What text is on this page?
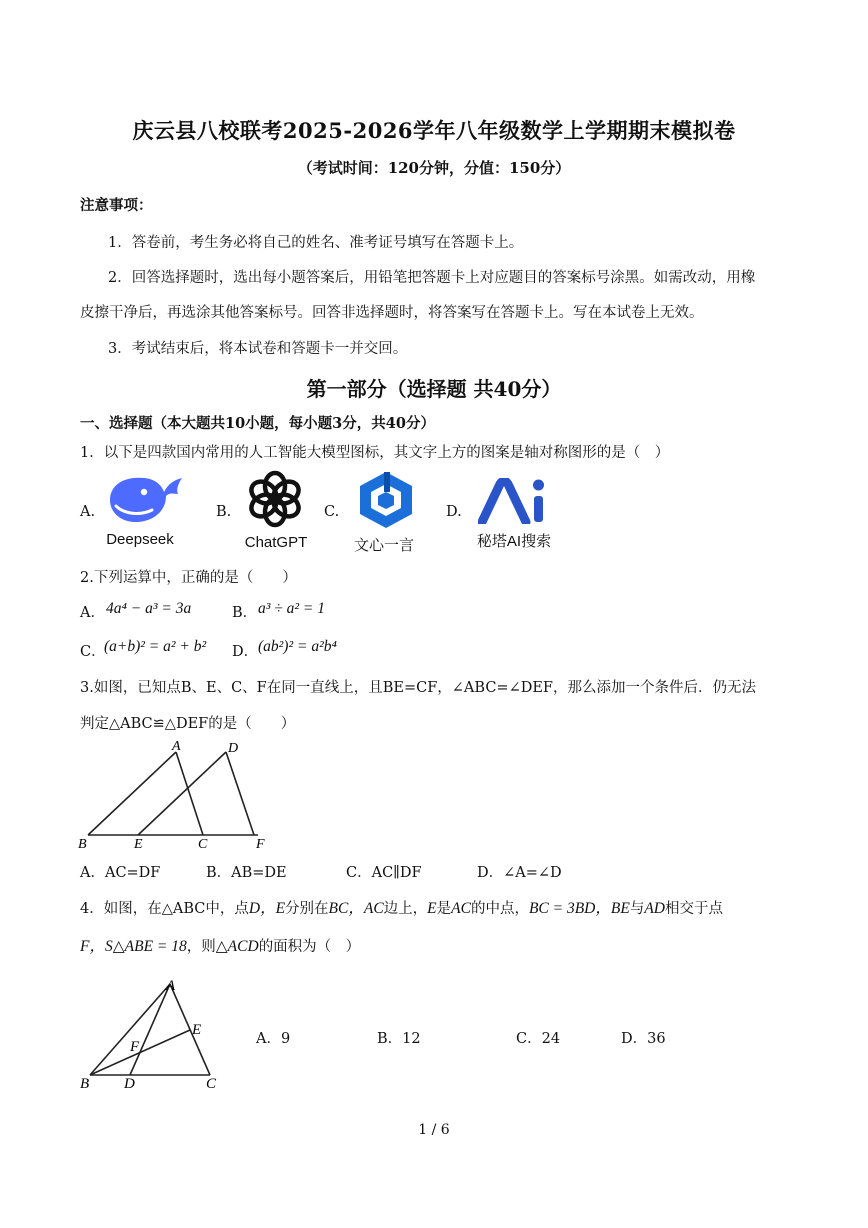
庆云县八校联考2025-2026学年八年级数学上学期期末模拟卷
（考试时间：120分钟，分值：150分）
注意事项：
1．答卷前，考生务必将自己的姓名、准考证号填写在答题卡上。
2．回答选择题时，选出每小题答案后，用铅笔把答题卡上对应题目的答案标号涂黑。如需改动，用橡
皮擦干净后，再选涂其他答案标号。回答非选择题时，将答案写在答题卡上。写在本试卷上无效。
3．考试结束后，将本试卷和答题卡一并交回。
第一部分（选择题 共40分）
一、选择题（本大题共10小题，每小题3分，共40分）
1．以下是四款国内常用的人工智能大模型图标，其文字上方的图案是轴对称图形的是（　）
A.
Deepseek
B.
ChatGPT
C.
文心一言
D.
秘塔AI搜索
2.下列运算中，正确的是（　　）
A． 4a⁴ − a³ = 3a	B． a³ ÷ a² = 1
C．
(a+b)² = a² + b² D． (ab²)² = a²b⁴
3.如图，已知点B、E、C、F在同一直线上，且BE=CF，∠ABC=∠DEF，那么添加一个条件后．仍无法
判定△ABC≌△DEF的是（　　）
A	D
B	E	C	F
A．AC=DF	B．AB=DE	C．AC∥DF	D．∠A=∠D
4．如图，在△ABC中，点D，E分别在BC，AC边上，E是AC的中点，BC = 3BD，BE与AD相交于点
F，S△ABE = 18，则△ACD的面积为（　）
A
B D	C
E
F	A．9	B．12	C．24	D．36
1 / 6
